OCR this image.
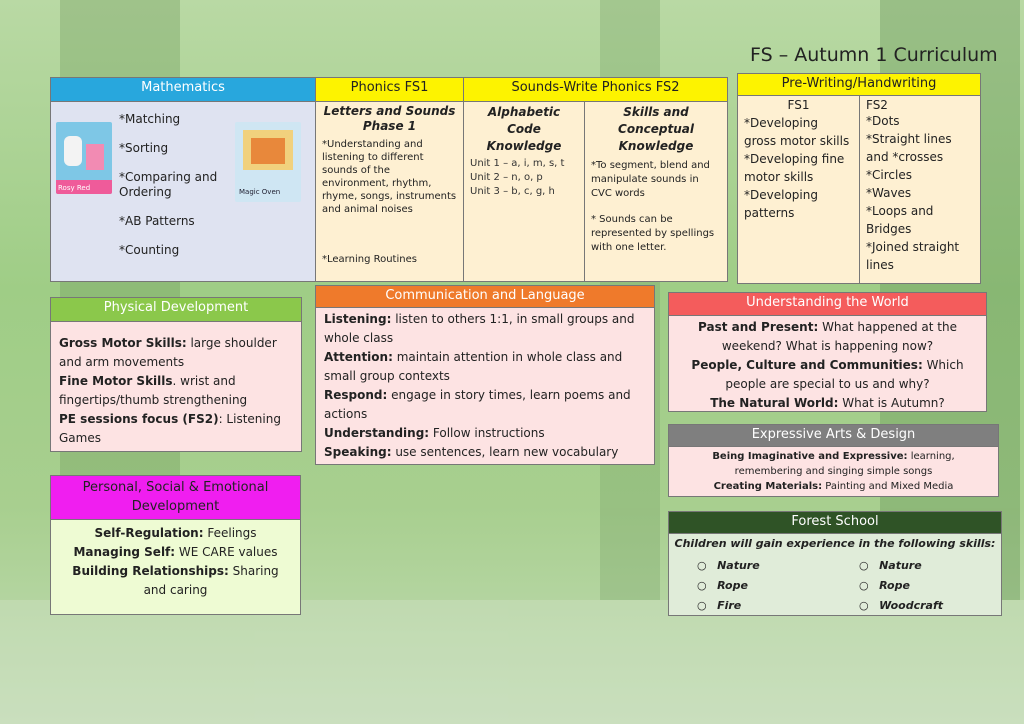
FS – Autumn 1 Curriculum
Mathematics
Rosy Red

*Matching

*Sorting

*Comparing and Ordering

*AB Patterns

*Counting

Magic Oven
Phonics FS1
Letters and Sounds Phase 1
*Understanding and listening to different sounds of the environment, rhythm, rhyme, songs, instruments and animal noises
*Learning Routines
Sounds-Write Phonics FS2
Alphabetic Code Knowledge

Unit 1 – a, i, m, s, t

Unit 2 – n, o, p

Unit 3 – b, c, g, h

Skills and Conceptual Knowledge
*To segment, blend and manipulate sounds in CVC words
* Sounds can be represented by spellings with one letter.
Pre-Writing/Handwriting
FS1

*Developing gross motor skills

*Developing fine motor skills

*Developing patterns

FS2

*Dots

*Straight lines and *crosses

*Circles

*Waves

*Loops and Bridges

*Joined straight lines

Physical Development

Gross Motor Skills: large shoulder and arm movements

Fine Motor Skills. wrist and fingertips/thumb strengthening

PE sessions focus (FS2): Listening Games

Communication and Language

Listening: listen to others 1:1, in small groups and whole class

Attention: maintain attention in whole class and small group contexts

Respond: engage in story times, learn poems and actions

Understanding: Follow instructions

Speaking: use sentences, learn new vocabulary

Understanding the World

Past and Present: What happened at the weekend? What is happening now?

People, Culture and Communities: Which people are special to us and why?

The Natural World: What is Autumn?

Expressive Arts & Design

Being Imaginative and Expressive: learning, remembering and singing simple songs

Creating Materials: Painting and Mixed Media

Personal, Social & Emotional Development

Self-Regulation: Feelings

Managing Self: WE CARE values

Building Relationships: Sharing and caring

Forest School
Children will gain experience in the following skills:

○   Nature

○   Rope

○   Fire

○   Nature

○   Rope

○   Woodcraft
